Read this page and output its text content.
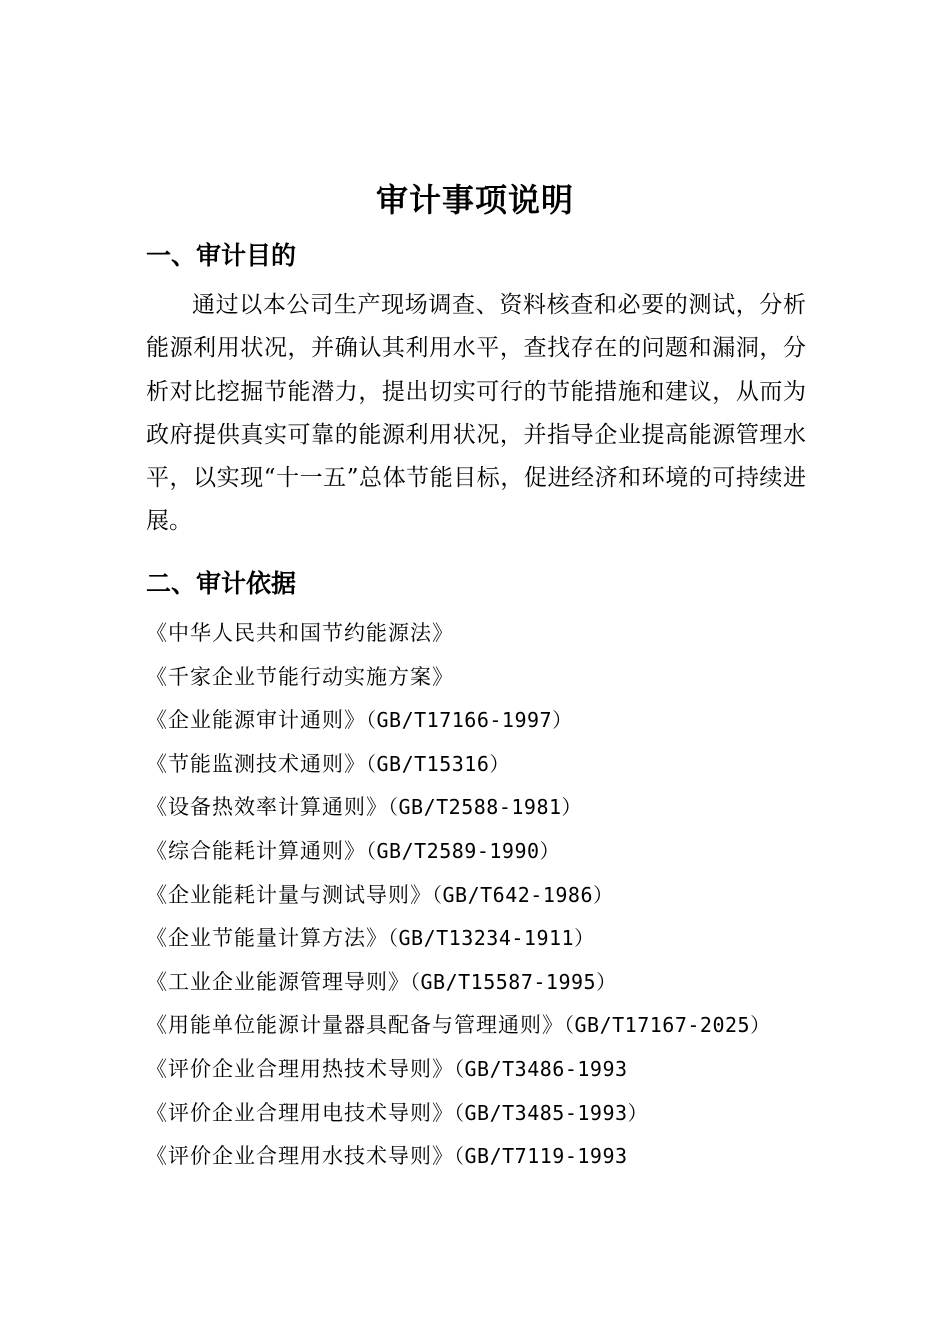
审计事项说明
一、审计目的
通过以本公司生产现场调查、资料核查和必要的测试，分析能源利用状况，并确认其利用水平，查找存在的问题和漏洞，分析对比挖掘节能潜力，提出切实可行的节能措施和建议，从而为政府提供真实可靠的能源利用状况，并指导企业提高能源管理水平，以实现“十一五”总体节能目标，促进经济和环境的可持续进展。
二、审计依据
《中华人民共和国节约能源法》
《千家企业节能行动实施方案》
《企业能源审计通则》（GB/T17166-1997）
《节能监测技术通则》（GB/T15316）
《设备热效率计算通则》（GB/T2588-1981）
《综合能耗计算通则》（GB/T2589-1990）
《企业能耗计量与测试导则》（GB/T642-1986）
《企业节能量计算方法》（GB/T13234-1911）
《工业企业能源管理导则》（GB/T15587-1995）
《用能单位能源计量器具配备与管理通则》（GB/T17167-2025）
《评价企业合理用热技术导则》（GB/T3486-1993
《评价企业合理用电技术导则》（GB/T3485-1993）
《评价企业合理用水技术导则》（GB/T7119-1993
